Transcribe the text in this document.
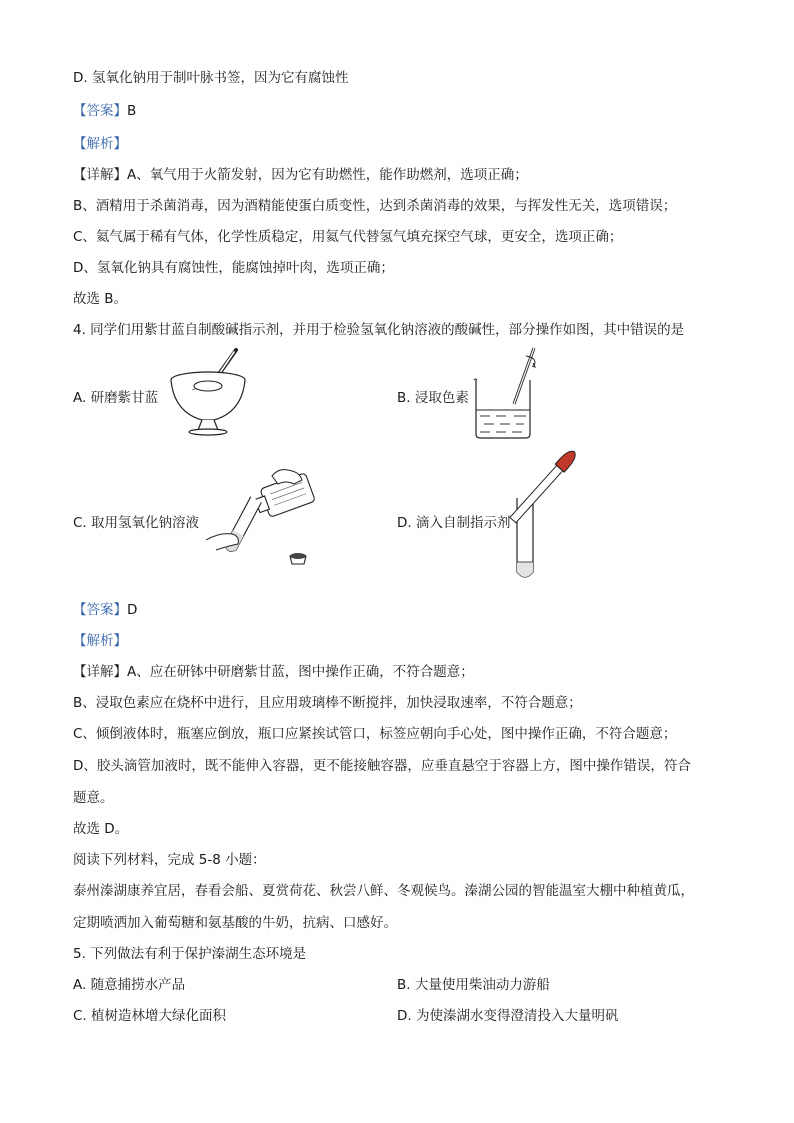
D. 氢氧化钠用于制叶脉书签，因为它有腐蚀性
【答案】B
【解析】
【详解】A、氧气用于火箭发射，因为它有助燃性，能作助燃剂，选项正确；
B、酒精用于杀菌消毒，因为酒精能使蛋白质变性，达到杀菌消毒的效果，与挥发性无关，选项错误；
C、氦气属于稀有气体，化学性质稳定，用氦气代替氢气填充探空气球，更安全，选项正确；
D、氢氧化钠具有腐蚀性，能腐蚀掉叶肉，选项正确；
故选 B。
4. 同学们用紫甘蓝自制酸碱指示剂，并用于检验氢氧化钠溶液的酸碱性，部分操作如图，其中错误的是
A. 研磨紫甘蓝	B. 浸取色素
C. 取用氢氧化钠溶液	D. 滴入自制指示剂
【答案】D
【解析】
【详解】A、应在研钵中研磨紫甘蓝，图中操作正确，不符合题意；
B、浸取色素应在烧杯中进行，且应用玻璃棒不断搅拌，加快浸取速率，不符合题意；
C、倾倒液体时，瓶塞应倒放，瓶口应紧挨试管口，标签应朝向手心处，图中操作正确，不符合题意；
D、胶头滴管加液时，既不能伸入容器，更不能接触容器，应垂直悬空于容器上方，图中操作错误，符合
题意。
故选 D。
阅读下列材料，完成 5-8 小题：
泰州溱湖康养宜居，春看会船、夏赏荷花、秋尝八鲜、冬观候鸟。溱湖公园的智能温室大棚中种植黄瓜，
定期喷洒加入葡萄糖和氨基酸的牛奶，抗病、口感好。
5. 下列做法有利于保护溱湖生态环境是
A. 随意捕捞水产品	B. 大量使用柴油动力游船
C. 植树造林增大绿化面积	D. 为使溱湖水变得澄清投入大量明矾
